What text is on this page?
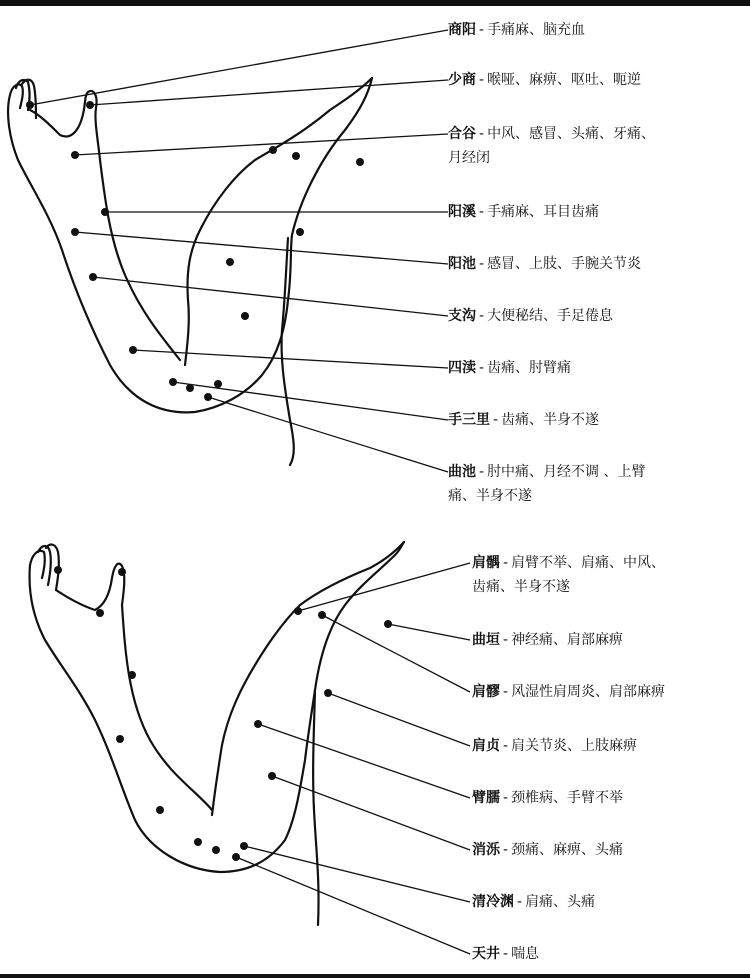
商阳 - 手痛麻、脑充血
少商 - 喉哑、麻痹、呕吐、呃逆
合谷 - 中风、感冒、头痛、牙痛、
月经闭
阳溪 - 手痛麻、耳目齿痛
阳池 - 感冒、上肢、手腕关节炎
支沟 - 大便秘结、手足倦息
四渎 - 齿痛、肘臂痛
手三里 - 齿痛、半身不遂
曲池 - 肘中痛、月经不调 、上臂
痛、半身不遂
肩髃 - 肩臂不举、肩痛、中风、
齿痛、半身不遂
曲垣 - 神经痛、肩部麻痹
肩髎 - 风湿性肩周炎、肩部麻痹
肩贞 - 肩关节炎、上肢麻痹
臂臑 - 颈椎病、手臂不举
消泺 - 颈痛、麻痹、头痛
清冷渊 - 肩痛、头痛
天井 - 喘息
